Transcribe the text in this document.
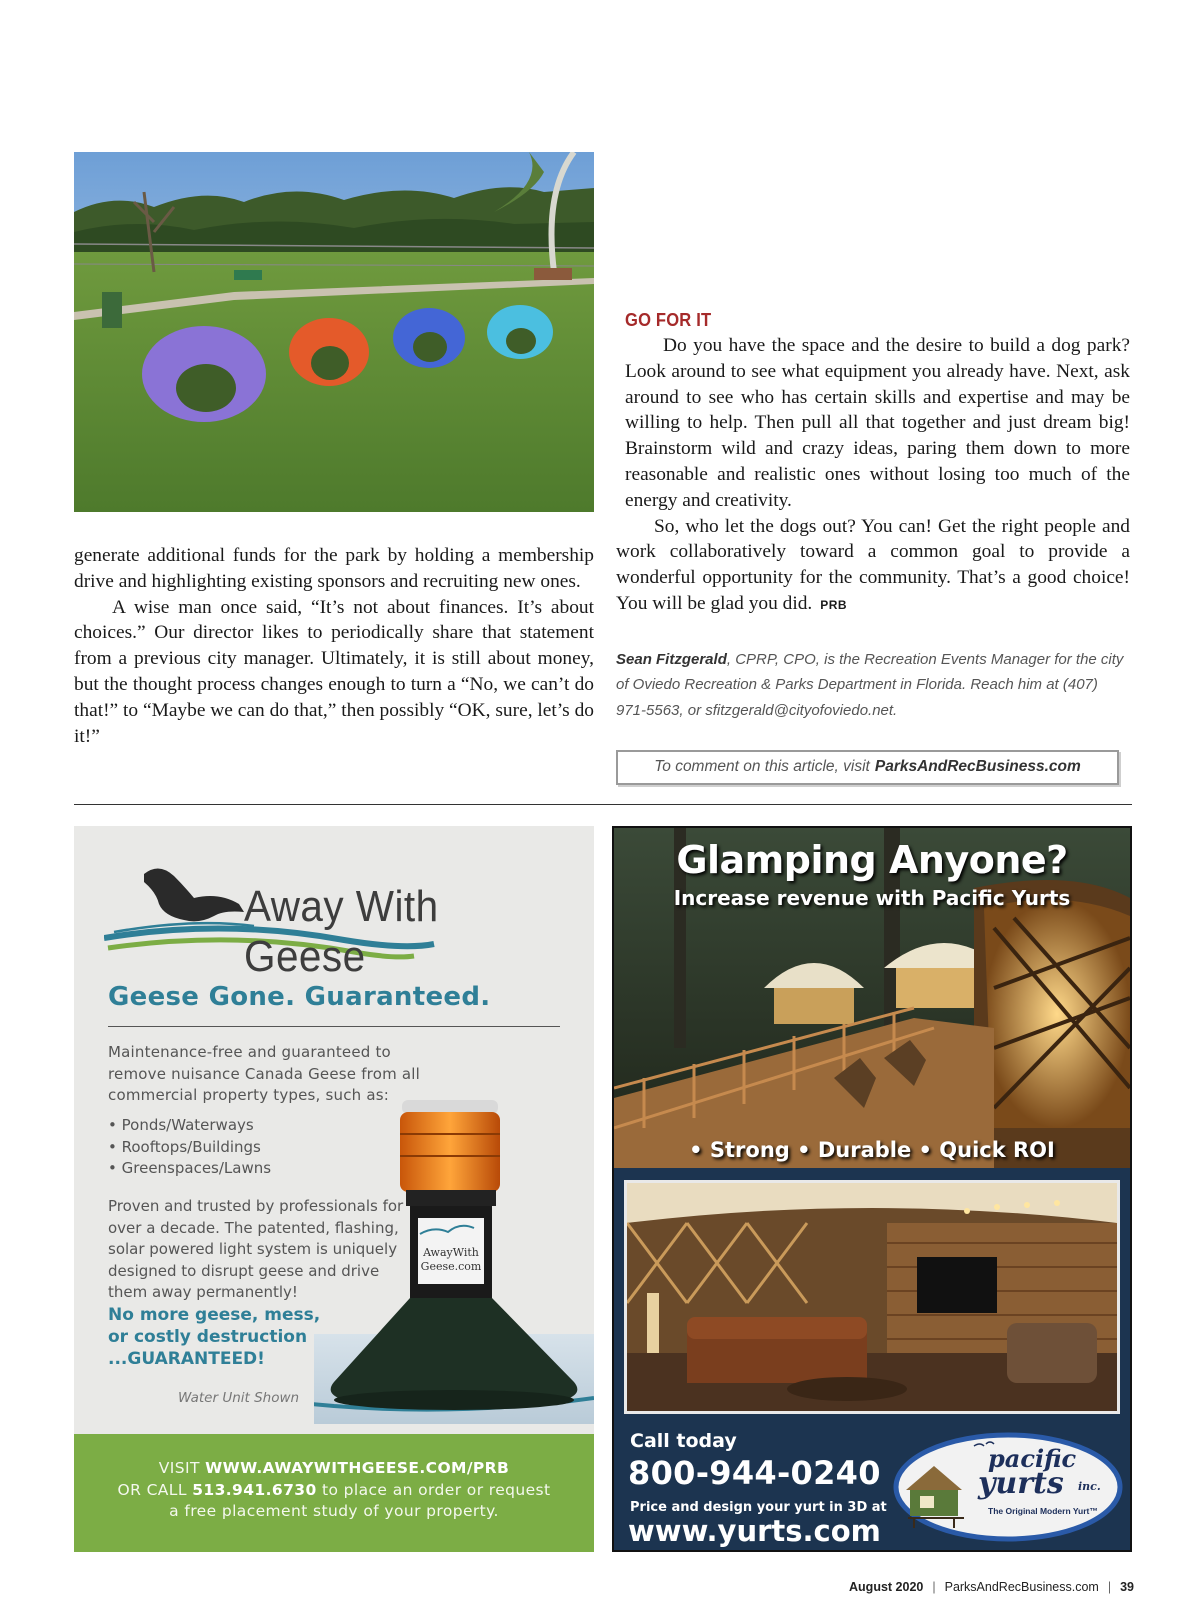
generate additional funds for the park by holding a membership drive and highlighting existing sponsors and recruiting new ones.

A wise man once said, “It’s not about finances. It’s about choices.” Our director likes to periodically share that statement from a previous city manager. Ultimately, it is still about money, but the thought process changes enough to turn a “No, we can’t do that!” to “Maybe we can do that,” then possibly “OK, sure, let’s do it!”

GO FOR IT

Do you have the space and the desire to build a dog park? Look around to see what equipment you already have. Next, ask around to see who has certain skills and expertise and may be willing to help. Then pull all that together and just dream big! Brainstorm wild and crazy ideas, paring them down to more reasonable and realistic ones without losing too much of the energy and creativity.

So, who let the dogs out? You can! Get the right people and work collaboratively toward a common goal to provide a wonderful opportunity for the community. That’s a good choice! You will be glad you did. PRB

Sean Fitzgerald, CPRP, CPO, is the Recreation Events Manager for the city of Oviedo Recreation & Parks Department in Florida. Reach him at (407) 971-5563, or sfitzgerald@cityofoviedo.net.
To comment on this article, visit ParksAndRecBusiness.com
Away With Geese
Geese Gone. Guaranteed.
Maintenance-free and guaranteed to remove nuisance Canada Geese from all commercial property types, such as:
• Ponds/Waterways
• Rooftops/Buildings
• Greenspaces/Lawns
Proven and trusted by professionals for over a decade. The patented, flashing, solar powered light system is uniquely designed to disrupt geese and drive them away permanently!
No more geese, mess,
or costly destruction
...GUARANTEED!
AwayWith
Geese.com
Water Unit Shown
VISIT WWW.AWAYWITHGEESE.COM/PRB
OR CALL 513.941.6730 to place an order or request
a free placement study of your property.
Glamping Anyone?
Increase revenue with Pacific Yurts
• Strong • Durable • Quick ROI
Call today
800-944-0240
Price and design your yurt in 3D at
www.yurts.com
pacific
yurts inc.
The Original Modern Yurt™
August 2020 | ParksAndRecBusiness.com | 39
